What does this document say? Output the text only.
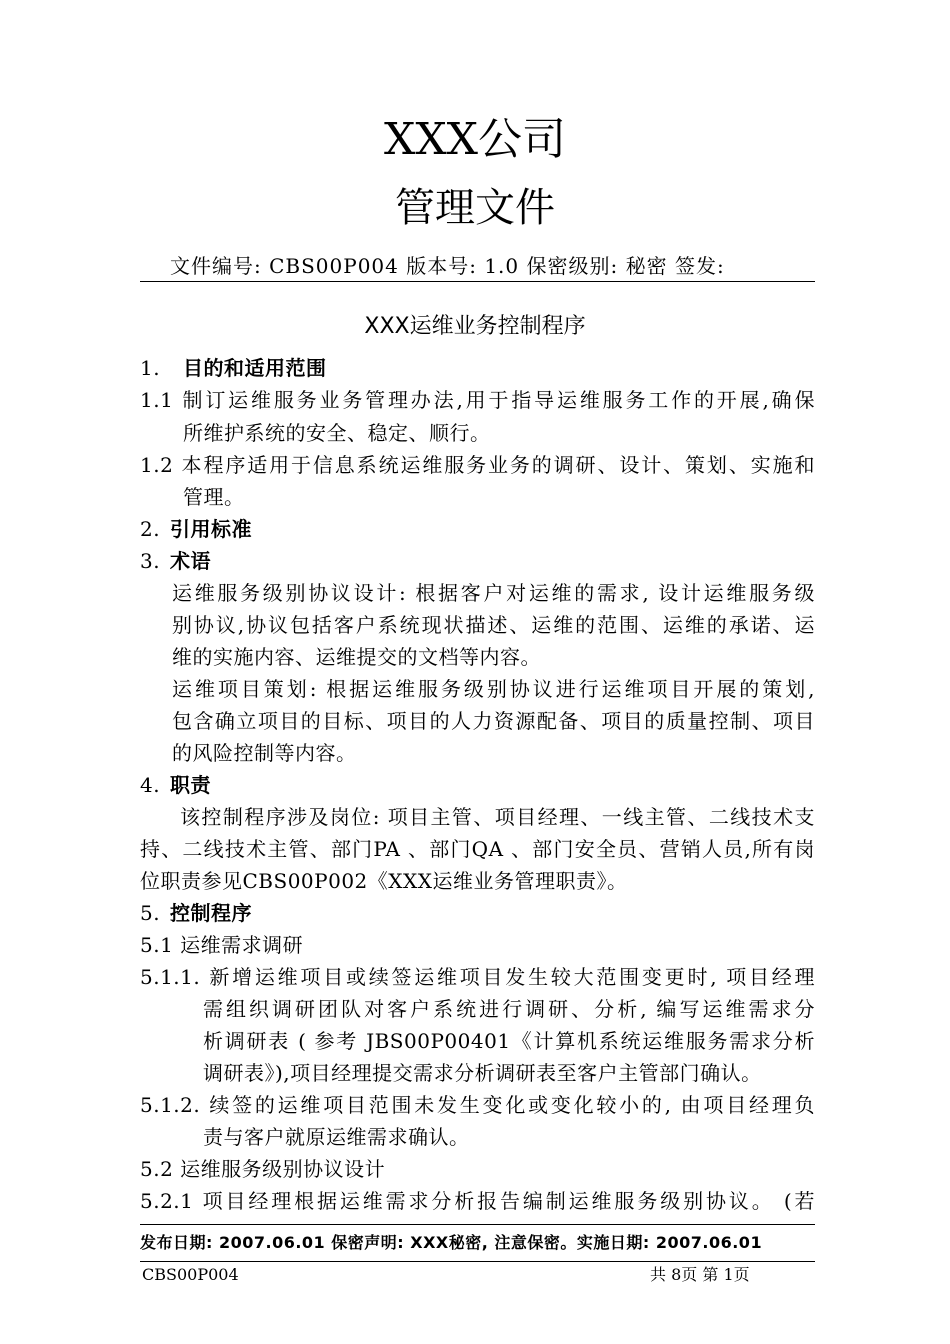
XXX公司
管理文件
文件编号: CBS00P004 版本号: 1.0 保密级别: 秘密 签发:
XXX运维业务控制程序
1. 目的和适用范围
1.1 制订运维服务业务管理办法,用于指导运维服务工作的开展,确保
所维护系统的安全、稳定、顺行。
1.2 本程序适用于信息系统运维服务业务的调研、设计、策划、实施和
管理。
2. 引用标准
3. 术语
运维服务级别协议设计: 根据客户对运维的需求, 设计运维服务级
别协议,协议包括客户系统现状描述、运维的范围、运维的承诺、运
维的实施内容、运维提交的文档等内容。
运维项目策划: 根据运维服务级别协议进行运维项目开展的策划,
包含确立项目的目标、项目的人力资源配备、项目的质量控制、项目
的风险控制等内容。
4. 职责
该控制程序涉及岗位: 项目主管、项目经理、一线主管、二线技术支
持、二线技术主管、部门PA 、部门QA 、部门安全员、营销人员,所有岗
位职责参见CBS00P002《XXX运维业务管理职责》。
5. 控制程序
5.1 运维需求调研
5.1.1. 新增运维项目或续签运维项目发生较大范围变更时, 项目经理
需组织调研团队对客户系统进行调研、分析, 编写运维需求分
析调研表 ( 参考 JBS00P00401《计算机系统运维服务需求分析
调研表》),项目经理提交需求分析调研表至客户主管部门确认。
5.1.2. 续签的运维项目范围未发生变化或变化较小的, 由项目经理负
责与客户就原运维需求确认。
5.2 运维服务级别协议设计
5.2.1 项目经理根据运维需求分析报告编制运维服务级别协议。 (若
发布日期: 2007.06.01 保密声明: XXX秘密, 注意保密。实施日期: 2007.06.01
CBS00P004	共 8页 第 1页
